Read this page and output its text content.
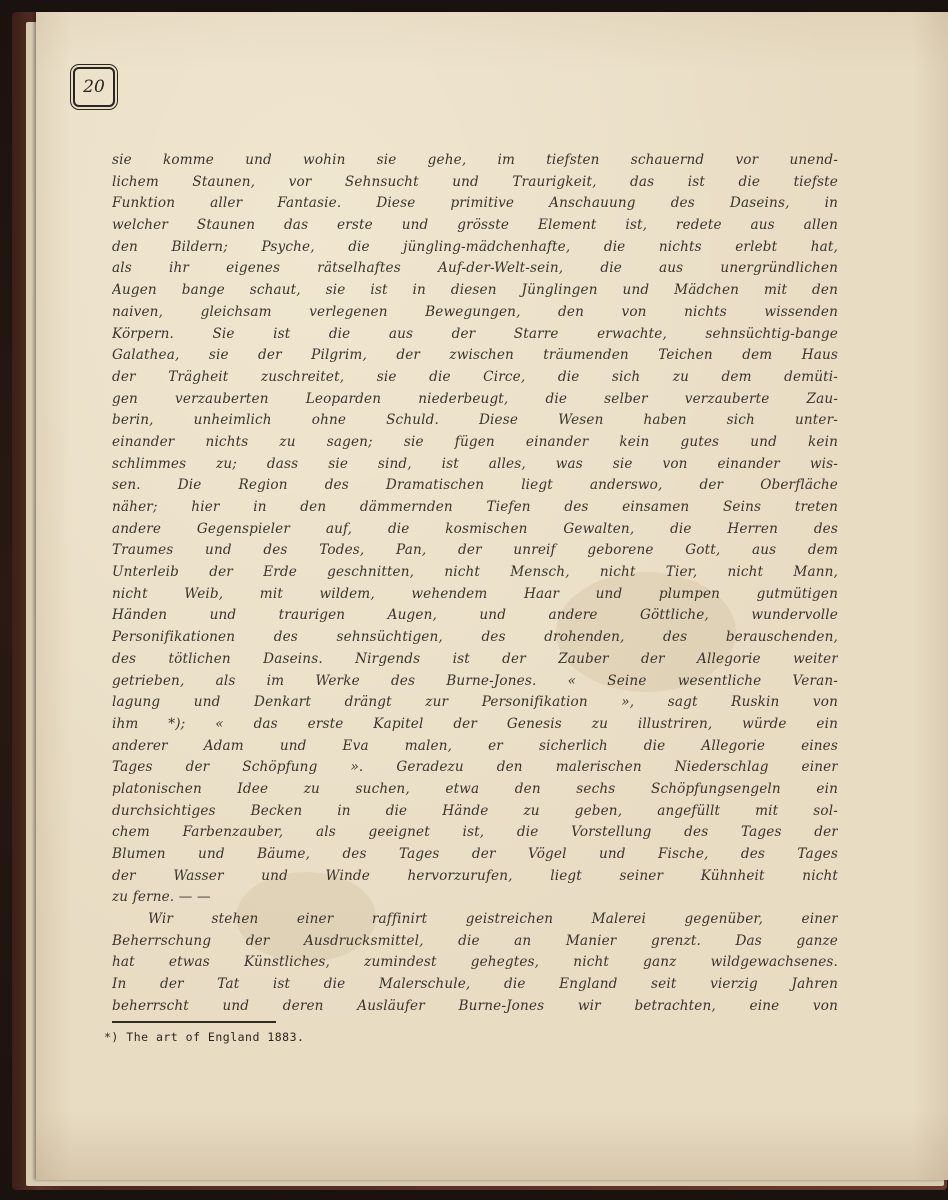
20
sie komme und wohin sie gehe, im tiefsten schauernd vor unend-
lichem Staunen, vor Sehnsucht und Traurigkeit, das ist die tiefste
Funktion aller Fantasie. Diese primitive Anschauung des Daseins, in
welcher Staunen das erste und grösste Element ist, redete aus allen
den Bildern; Psyche, die jüngling-mädchenhafte, die nichts erlebt hat,
als ihr eigenes rätselhaftes Auf-der-Welt-sein, die aus unergründlichen
Augen bange schaut, sie ist in diesen Jünglingen und Mädchen mit den
naiven, gleichsam verlegenen Bewegungen, den von nichts wissenden
Körpern. Sie ist die aus der Starre erwachte, sehnsüchtig-bange
Galathea, sie der Pilgrim, der zwischen träumenden Teichen dem Haus
der Trägheit zuschreitet, sie die Circe, die sich zu dem demüti-
gen verzauberten Leoparden niederbeugt, die selber verzauberte Zau-
berin, unheimlich ohne Schuld. Diese Wesen haben sich unter-
einander nichts zu sagen; sie fügen einander kein gutes und kein
schlimmes zu; dass sie sind, ist alles, was sie von einander wis-
sen. Die Region des Dramatischen liegt anderswo, der Oberfläche
näher; hier in den dämmernden Tiefen des einsamen Seins treten
andere Gegenspieler auf, die kosmischen Gewalten, die Herren des
Traumes und des Todes, Pan, der unreif geborene Gott, aus dem
Unterleib der Erde geschnitten, nicht Mensch, nicht Tier, nicht Mann,
nicht Weib, mit wildem, wehendem Haar und plumpen gutmütigen
Händen und traurigen Augen, und andere Göttliche, wundervolle
Personifikationen des sehnsüchtigen, des drohenden, des berauschenden,
des tötlichen Daseins. Nirgends ist der Zauber der Allegorie weiter
getrieben, als im Werke des Burne-Jones. « Seine wesentliche Veran-
lagung und Denkart drängt zur Personifikation », sagt Ruskin von
ihm *); « das erste Kapitel der Genesis zu illustriren, würde ein
anderer Adam und Eva malen, er sicherlich die Allegorie eines
Tages der Schöpfung ». Geradezu den malerischen Niederschlag einer
platonischen Idee zu suchen, etwa den sechs Schöpfungsengeln ein
durchsichtiges Becken in die Hände zu geben, angefüllt mit sol-
chem Farbenzauber, als geeignet ist, die Vorstellung des Tages der
Blumen und Bäume, des Tages der Vögel und Fische, des Tages
der Wasser und Winde hervorzurufen, liegt seiner Kühnheit nicht
zu ferne. — —
Wir stehen einer raffinirt geistreichen Malerei gegenüber, einer
Beherrschung der Ausdrucksmittel, die an Manier grenzt. Das ganze
hat etwas Künstliches, zumindest gehegtes, nicht ganz wildgewachsenes.
In der Tat ist die Malerschule, die England seit vierzig Jahren
beherrscht und deren Ausläufer Burne-Jones wir betrachten, eine von
*) The art of England 1883.
